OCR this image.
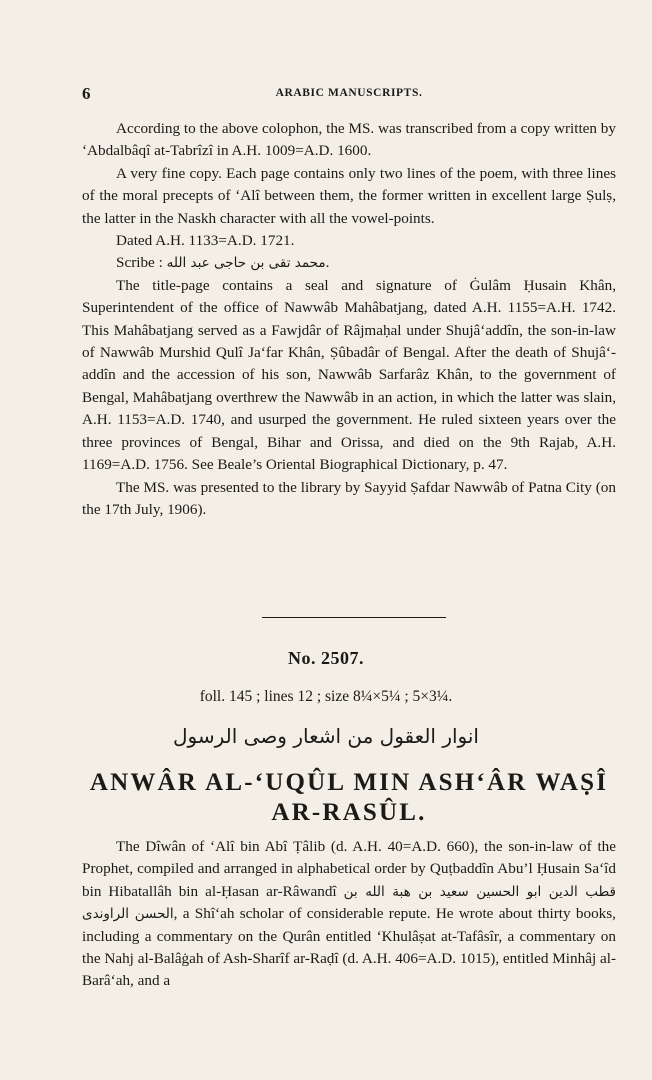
6	ARABIC MANUSCRIPTS.

According to the above colophon, the MS. was transcribed from a copy written by ‘Abdalbâqî at-Tabrîzî in A.H. 1009=A.D. 1600.

A very fine copy. Each page contains only two lines of the poem, with three lines of the moral precepts of ‘Alî between them, the former written in excellent large Ṣulṣ, the latter in the Naskh character with all the vowel-points.

Dated A.H. 1133=A.D. 1721.

Scribe : محمد تقی بن حاجی عبد الله.

The title-page contains a seal and signature of Ġulâm Ḥusain Khân, Superintendent of the office of Nawwâb Mahâbatjang, dated A.H. 1155=A.H. 1742. This Mahâbatjang served as a Fawjdâr of Râjmaḥal under Shujâ‘addîn, the son-in-law of Nawwâb Murshid Qulî Ja‘far Khân, Ṣûbadâr of Bengal. After the death of Shujâ‘-addîn and the accession of his son, Nawwâb Sarfarâz Khân, to the government of Bengal, Mahâbatjang overthrew the Nawwâb in an action, in which the latter was slain, A.H. 1153=A.D. 1740, and usurped the government. He ruled sixteen years over the three provinces of Bengal, Bihar and Orissa, and died on the 9th Rajab, A.H. 1169=A.D. 1756. See Beale’s Oriental Biographical Dictionary, p. 47.

The MS. was presented to the library by Sayyid Ṣafdar Nawwâb of Patna City (on the 17th July, 1906).

No. 2507.
foll. 145 ; lines 12 ; size 8¼×5¼ ; 5×3¼.
انوار العقول من اشعار وصی الرسول
ANWÂR AL-‘UQÛL MIN ASH‘ÂR WAṢÎ AR-RASÛL.

The Dîwân of ‘Alî bin Abî Ṭâlib (d. A.H. 40=A.D. 660), the son-in-law of the Prophet, compiled and arranged in alphabetical order by Quṭbaddîn Abu’l Ḥusain Sa‘îd bin Hibatallâh bin al-Ḥasan ar-Râwandî قطب الدین ابو الحسین سعید بن هبة الله بن الحسن الراوندی, a Shî‘ah scholar of considerable repute. He wrote about thirty books, including a commentary on the Qurân entitled ‘Khulâṣat at-Tafâsîr, a commentary on the Nahj al-Balâġah of Ash-Sharîf ar-Raḍî (d. A.H. 406=A.D. 1015), entitled Minhâj al-Barâ‘ah, and a
